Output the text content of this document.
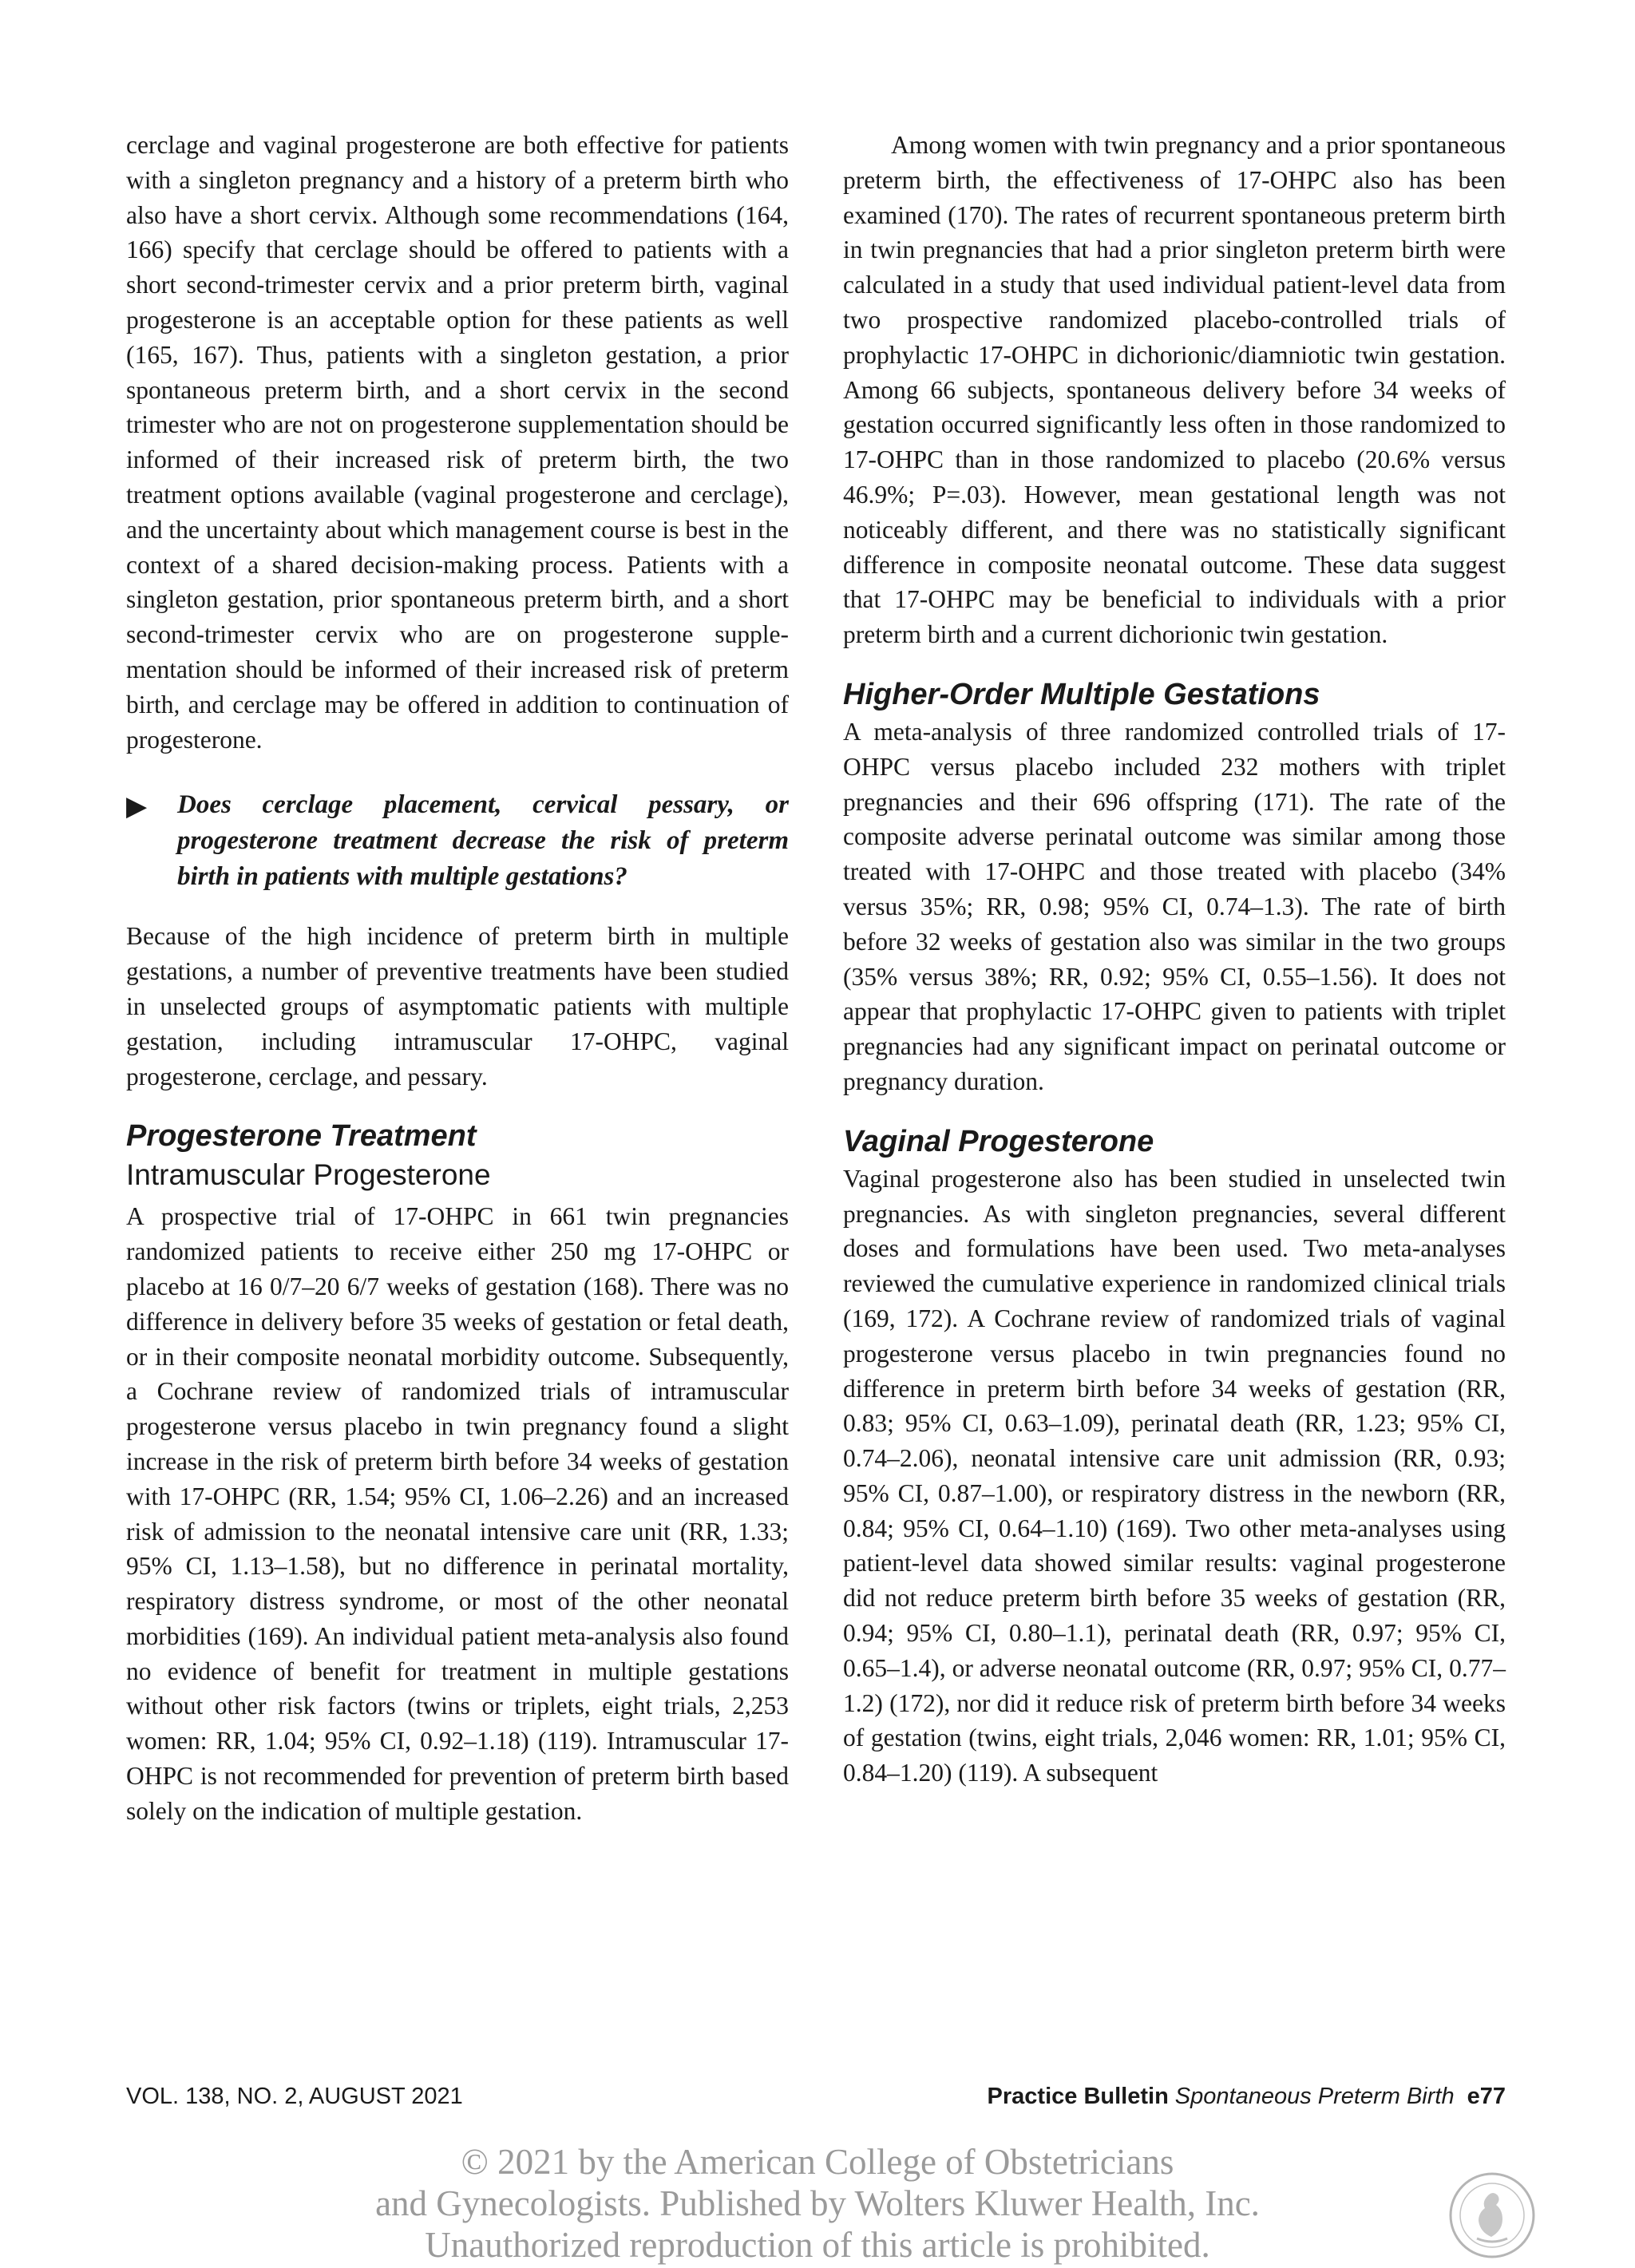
cerclage and vaginal progesterone are both effective for patients with a singleton pregnancy and a history of a preterm birth who also have a short cervix. Although some recommendations (164, 166) specify that cerclage should be offered to patients with a short second-trimester cervix and a prior preterm birth, vaginal progesterone is an acceptable option for these patients as well (165, 167). Thus, patients with a singleton gestation, a prior spontaneous preterm birth, and a short cervix in the second trimester who are not on progesterone supplementation should be informed of their increased risk of preterm birth, the two treatment options available (vaginal progesterone and cerclage), and the uncertainty about which management course is best in the context of a shared decision-making process. Patients with a singleton gestation, prior spontaneous preterm birth, and a short second-trimester cervix who are on progesterone supplementation should be informed of their increased risk of preterm birth, and cerclage may be offered in addition to continuation of progesterone.

▶ Does cerclage placement, cervical pessary, or progesterone treatment decrease the risk of preterm birth in patients with multiple gestations?

Because of the high incidence of preterm birth in multiple gestations, a number of preventive treatments have been studied in unselected groups of asymptomatic patients with multiple gestation, including intramuscular 17-OHPC, vaginal progesterone, cerclage, and pessary.

Progesterone Treatment
Intramuscular Progesterone

A prospective trial of 17-OHPC in 661 twin pregnancies randomized patients to receive either 250 mg 17-OHPC or placebo at 16 0/7–20 6/7 weeks of gestation (168). There was no difference in delivery before 35 weeks of gestation or fetal death, or in their composite neonatal morbidity outcome. Subsequently, a Cochrane review of randomized trials of intramuscular progesterone versus placebo in twin pregnancy found a slight increase in the risk of preterm birth before 34 weeks of gestation with 17-OHPC (RR, 1.54; 95% CI, 1.06–2.26) and an increased risk of admission to the neonatal intensive care unit (RR, 1.33; 95% CI, 1.13–1.58), but no difference in perinatal mortality, respiratory distress syndrome, or most of the other neonatal morbidities (169). An individual patient meta-analysis also found no evidence of benefit for treatment in multiple gestations without other risk factors (twins or triplets, eight trials, 2,253 women: RR, 1.04; 95% CI, 0.92–1.18) (119). Intramuscular 17-OHPC is not recommended for prevention of preterm birth based solely on the indication of multiple gestation.

Among women with twin pregnancy and a prior spontaneous preterm birth, the effectiveness of 17-OHPC also has been examined (170). The rates of recurrent spontaneous preterm birth in twin pregnancies that had a prior singleton preterm birth were calculated in a study that used individual patient-level data from two prospective randomized placebo-controlled trials of prophylactic 17-OHPC in dichorionic/diamniotic twin gestation. Among 66 subjects, spontaneous delivery before 34 weeks of gestation occurred significantly less often in those randomized to 17-OHPC than in those randomized to placebo (20.6% versus 46.9%; P=.03). However, mean gestational length was not noticeably different, and there was no statistically significant difference in composite neonatal outcome. These data suggest that 17-OHPC may be beneficial to individuals with a prior preterm birth and a current dichorionic twin gestation.

Higher-Order Multiple Gestations

A meta-analysis of three randomized controlled trials of 17-OHPC versus placebo included 232 mothers with triplet pregnancies and their 696 offspring (171). The rate of the composite adverse perinatal outcome was similar among those treated with 17-OHPC and those treated with placebo (34% versus 35%; RR, 0.98; 95% CI, 0.74–1.3). The rate of birth before 32 weeks of gestation also was similar in the two groups (35% versus 38%; RR, 0.92; 95% CI, 0.55–1.56). It does not appear that prophylactic 17-OHPC given to patients with triplet pregnancies had any significant impact on perinatal outcome or pregnancy duration.

Vaginal Progesterone

Vaginal progesterone also has been studied in unselected twin pregnancies. As with singleton pregnancies, several different doses and formulations have been used. Two meta-analyses reviewed the cumulative experience in randomized clinical trials (169, 172). A Cochrane review of randomized trials of vaginal progesterone versus placebo in twin pregnancies found no difference in preterm birth before 34 weeks of gestation (RR, 0.83; 95% CI, 0.63–1.09), perinatal death (RR, 1.23; 95% CI, 0.74–2.06), neonatal intensive care unit admission (RR, 0.93; 95% CI, 0.87–1.00), or respiratory distress in the newborn (RR, 0.84; 95% CI, 0.64–1.10) (169). Two other meta-analyses using patient-level data showed similar results: vaginal progesterone did not reduce preterm birth before 35 weeks of gestation (RR, 0.94; 95% CI, 0.80–1.1), perinatal death (RR, 0.97; 95% CI, 0.65–1.4), or adverse neonatal outcome (RR, 0.97; 95% CI, 0.77–1.2) (172), nor did it reduce risk of preterm birth before 34 weeks of gestation (twins, eight trials, 2,046 women: RR, 1.01; 95% CI, 0.84–1.20) (119). A subsequent

VOL. 138, NO. 2, AUGUST 2021	Practice Bulletin Spontaneous Preterm Birth e77
© 2021 by the American College of Obstetricians
and Gynecologists. Published by Wolters Kluwer Health, Inc.
Unauthorized reproduction of this article is prohibited.
